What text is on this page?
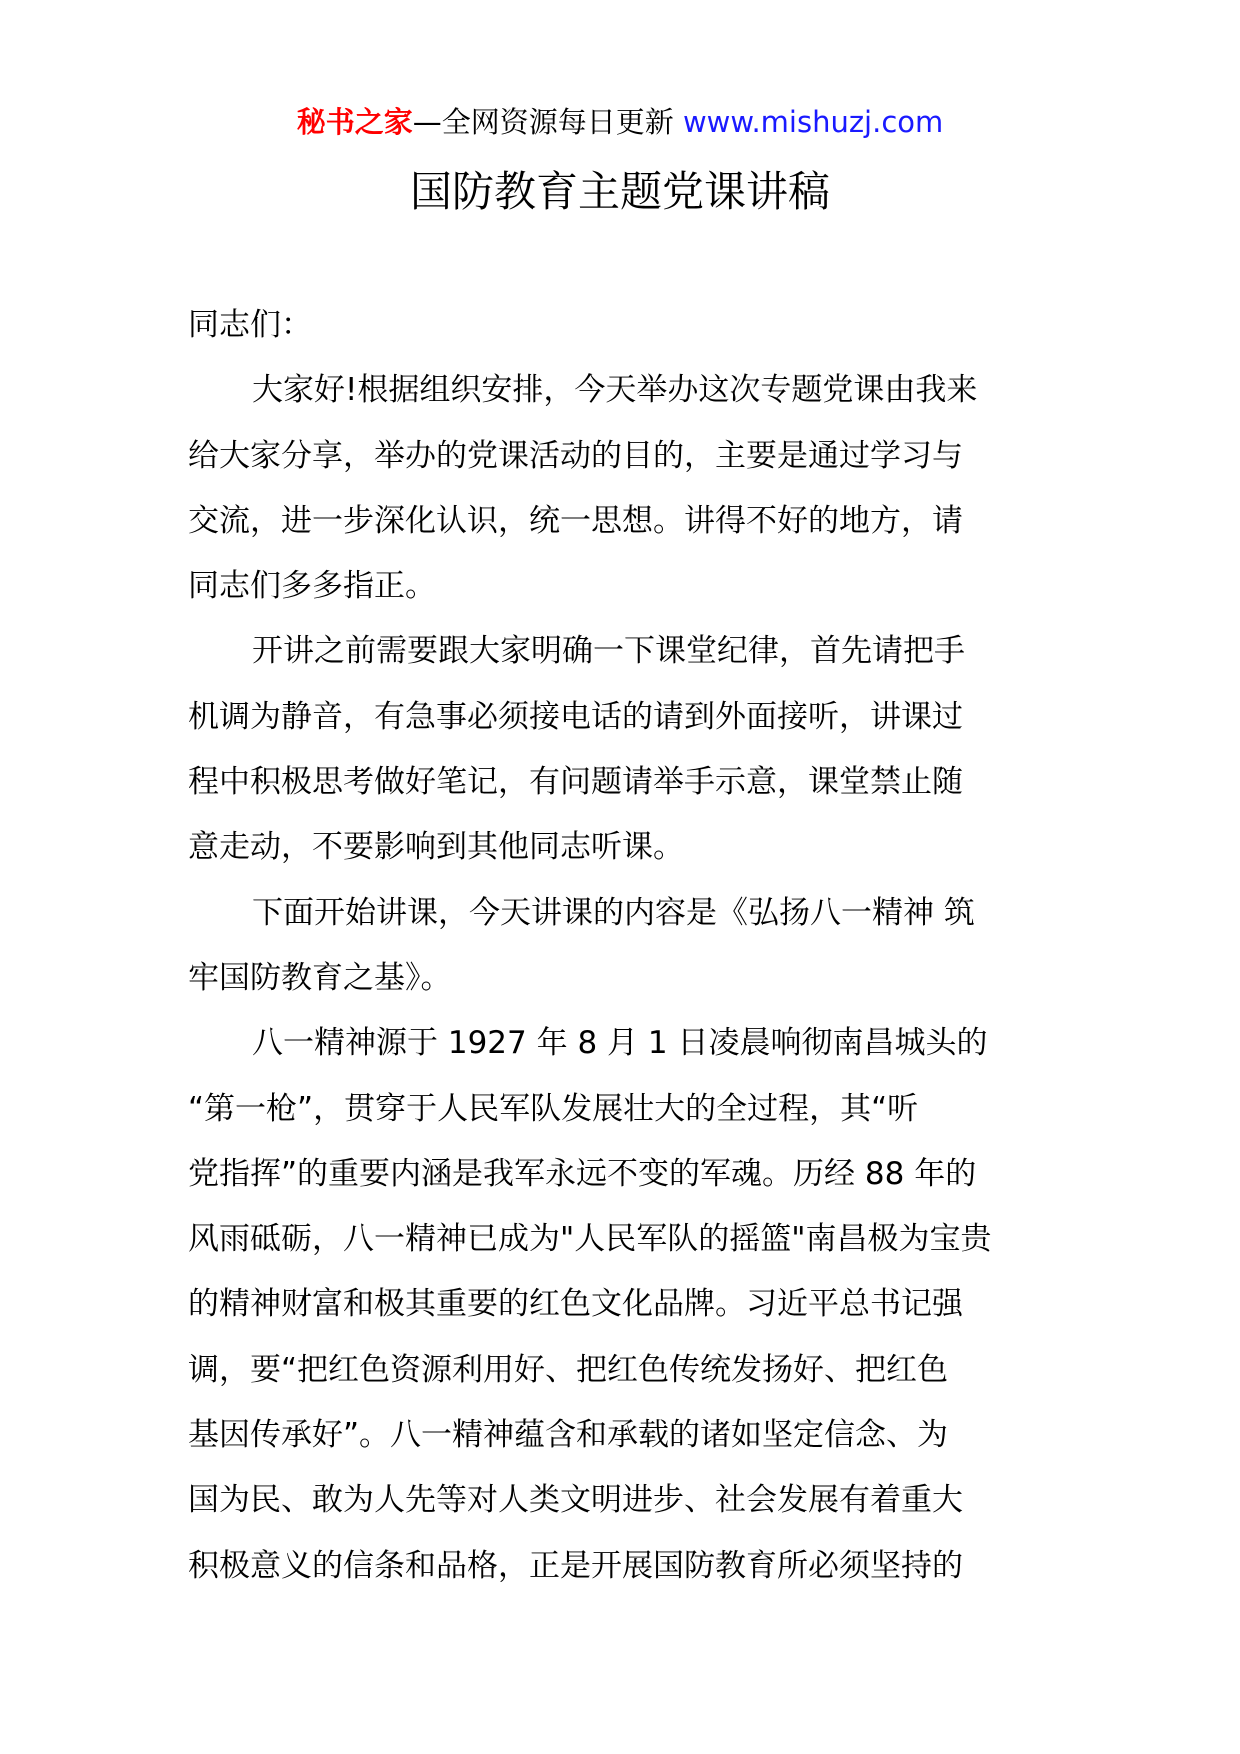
秘书之家—全网资源每日更新 www.mishuzj.com
国防教育主题党课讲稿
同志们：
大家好!根据组织安排，今天举办这次专题党课由我来
给大家分享，举办的党课活动的目的，主要是通过学习与
交流，进一步深化认识，统一思想。讲得不好的地方，请
同志们多多指正。
开讲之前需要跟大家明确一下课堂纪律，首先请把手
机调为静音，有急事必须接电话的请到外面接听，讲课过
程中积极思考做好笔记，有问题请举手示意，课堂禁止随
意走动，不要影响到其他同志听课。
下面开始讲课，今天讲课的内容是《弘扬八一精神 筑
牢国防教育之基》。
八一精神源于 1927 年 8 月 1 日凌晨响彻南昌城头的
“第一枪”，贯穿于人民军队发展壮大的全过程，其“听
党指挥”的重要内涵是我军永远不变的军魂。历经 88 年的
风雨砥砺，八一精神已成为"人民军队的摇篮"南昌极为宝贵
的精神财富和极其重要的红色文化品牌。习近平总书记强
调，要“把红色资源利用好、把红色传统发扬好、把红色
基因传承好”。八一精神蕴含和承载的诸如坚定信念、为
国为民、敢为人先等对人类文明进步、社会发展有着重大
积极意义的信条和品格，正是开展国防教育所必须坚持的
